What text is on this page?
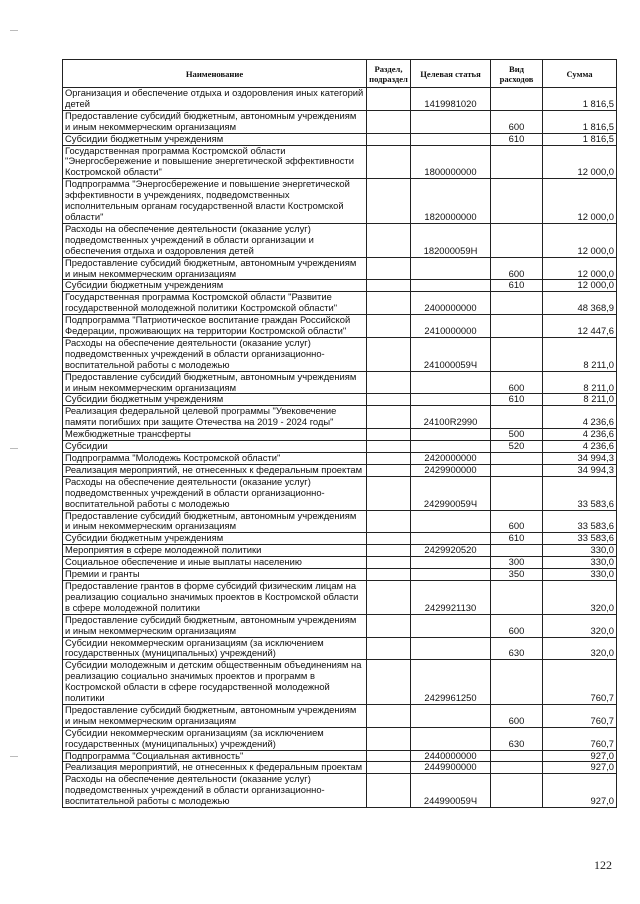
Наименование	Раздел, подраздел	Целевая статья	Вид расходов	Сумма
Организация и обеспечение отдыха и оздоровления иных категорий детей		1419981020		1 816,5
Предоставление субсидий бюджетным, автономным учреждениям и иным некоммерческим организациям			600	1 816,5
Субсидии бюджетным учреждениям			610	1 816,5
Государственная программа Костромской области "Энергосбережение и повышение энергетической эффективности Костромской области"		1800000000		12 000,0
Подпрограмма "Энергосбережение и повышение энергетической эффективности в учреждениях, подведомственных исполнительным органам государственной власти Костромской области"		1820000000		12 000,0
Расходы на обеспечение деятельности (оказание услуг) подведомственных учреждений в области организации и обеспечения отдыха и оздоровления детей		182000059Н		12 000,0
Предоставление субсидий бюджетным, автономным учреждениям и иным некоммерческим организациям			600	12 000,0
Субсидии бюджетным учреждениям			610	12 000,0
Государственная программа Костромской области "Развитие государственной молодежной политики Костромской области"		2400000000		48 368,9
Подпрограмма "Патриотическое воспитание граждан Российской Федерации, проживающих на территории Костромской области"		2410000000		12 447,6
Расходы на обеспечение деятельности (оказание услуг) подведомственных учреждений в области организационно-воспитательной работы с молодежью		241000059Ч		8 211,0
Предоставление субсидий бюджетным, автономным учреждениям и иным некоммерческим организациям			600	8 211,0
Субсидии бюджетным учреждениям			610	8 211,0
Реализация федеральной целевой программы "Увековечение памяти погибших при защите Отечества на 2019 - 2024 годы"		24100R2990		4 236,6
Межбюджетные трансферты			500	4 236,6
Субсидии			520	4 236,6
Подпрограмма "Молодежь Костромской области"		2420000000		34 994,3
Реализация мероприятий, не отнесенных к федеральным проектам		2429900000		34 994,3
Расходы на обеспечение деятельности (оказание услуг) подведомственных учреждений в области организационно-воспитательной работы с молодежью		242990059Ч		33 583,6
Предоставление субсидий бюджетным, автономным учреждениям и иным некоммерческим организациям			600	33 583,6
Субсидии бюджетным учреждениям			610	33 583,6
Мероприятия в сфере молодежной политики		2429920520		330,0
Социальное обеспечение и иные выплаты населению			300	330,0
Премии и гранты			350	330,0
Предоставление грантов в форме субсидий физическим лицам на реализацию социально значимых проектов в Костромской области в сфере молодежной политики		2429921130		320,0
Предоставление субсидий бюджетным, автономным учреждениям и иным некоммерческим организациям			600	320,0
Субсидии некоммерческим организациям (за исключением государственных (муниципальных) учреждений)			630	320,0
Субсидии молодежным и детским общественным объединениям на реализацию социально значимых проектов и программ в Костромской области в сфере государственной молодежной политики		2429961250		760,7
Предоставление субсидий бюджетным, автономным учреждениям и иным некоммерческим организациям			600	760,7
Субсидии некоммерческим организациям (за исключением государственных (муниципальных) учреждений)			630	760,7
Подпрограмма "Социальная активность"		2440000000		927,0
Реализация мероприятий, не отнесенных к федеральным проектам		2449900000		927,0
Расходы на обеспечение деятельности (оказание услуг) подведомственных учреждений в области организационно-воспитательной работы с молодежью		244990059Ч		927,0
122
